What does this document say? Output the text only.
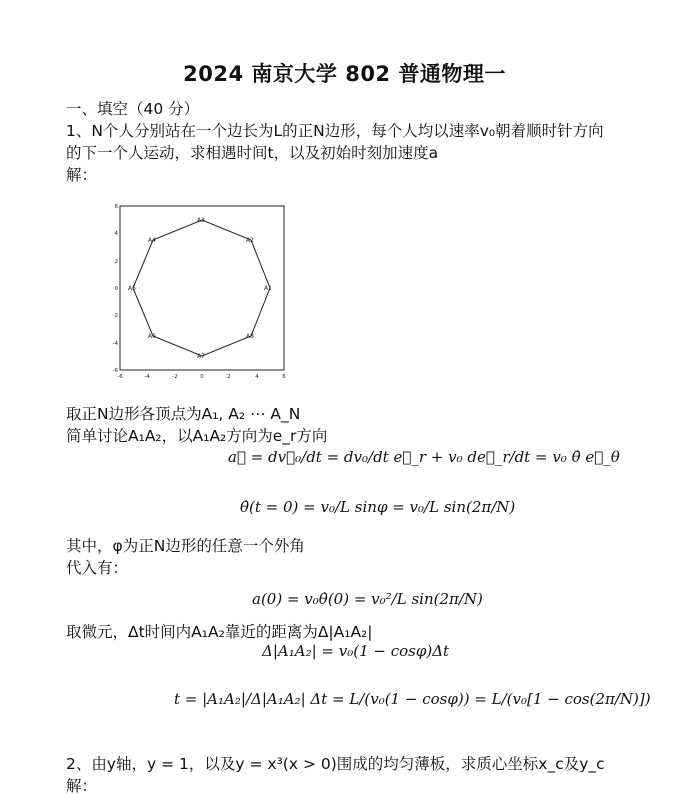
2024 南京大学 802 普通物理一
一、填空（40 分）
1、N个人分别站在一个边长为L的正N边形，每个人均以速率v₀朝着顺时针方向
的下一个人运动，求相遇时间t，以及初始时刻加速度a
解：
A1
A2
A3
A4
A5
A6
A7
A8
-6	-4	-2	0	2	4	6
6
4
2
0
-2
-4
-6
取正N边形各顶点为A₁, A₂ ⋯ A_N
简单讨论A₁A₂，以A₁A₂方向为e_r方向
a⃗ = dv⃗₀/dt = dv₀/dt e⃗_r + v₀ de⃗_r/dt = v₀ θ̇ e⃗_θ
θ̇(t = 0) = v₀/L sinφ = v₀/L sin(2π/N)
其中，φ为正N边形的任意一个外角
代入有：
a(0) = v₀θ̇(0) = v₀²/L sin(2π/N)
取微元，Δt时间内A₁A₂靠近的距离为Δ|A₁A₂|
Δ|A₁A₂| = v₀(1 − cosφ)Δt
t = |A₁A₂|/Δ|A₁A₂| Δt = L/(v₀(1 − cosφ)) = L/(v₀[1 − cos(2π/N)])
2、由y轴，y = 1，以及y = x³(x > 0)围成的均匀薄板，求质心坐标x_c及y_c
解：
